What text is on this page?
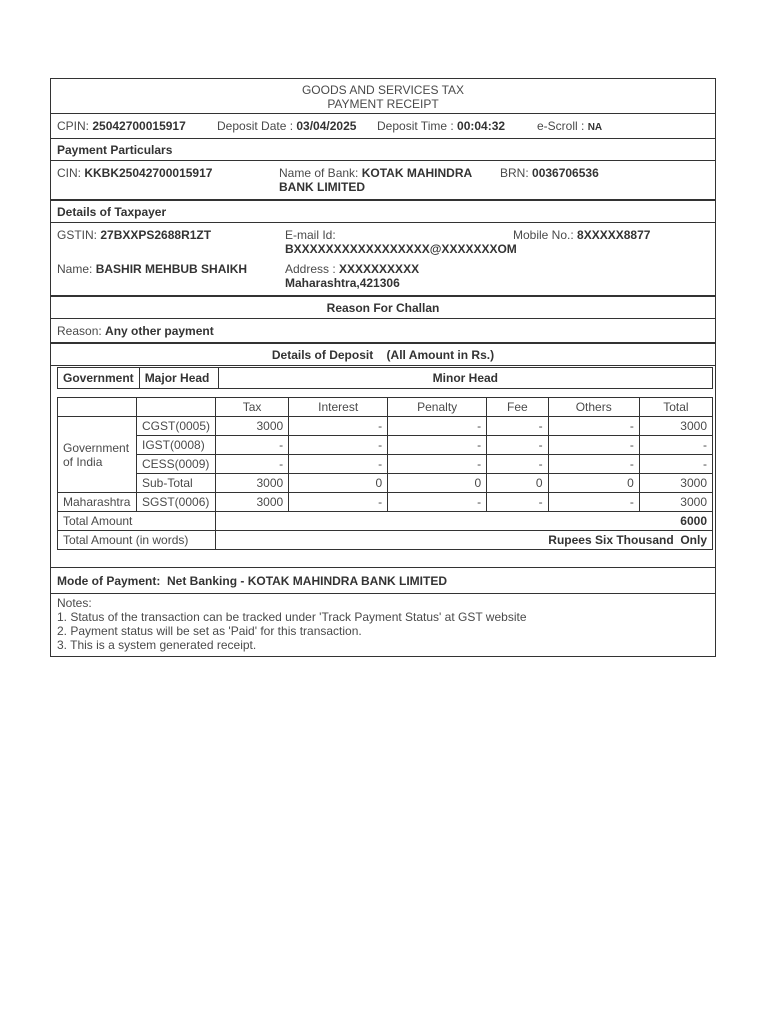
GOODS AND SERVICES TAX
PAYMENT RECEIPT
CPIN: 25042700015917	Deposit Date : 03/04/2025 Deposit Time : 00:04:32	e-Scroll : NA
Payment Particulars
CIN: KKBK25042700015917	Name of Bank: KOTAK MAHINDRA
BANK LIMITED
BRN: 0036706536
Details of Taxpayer
GSTIN: 27BXXPS2688R1ZT	E-mail Id:
BXXXXXXXXXXXXXXXXX@XXXXXXXOM
Mobile No.: 8XXXXX8877
Name: BASHIR MEHBUB SHAIKH	Address : XXXXXXXXXX
Maharashtra,421306
Reason For Challan
Reason: Any other payment
Details of Deposit    (All Amount in Rs.)
Government	Major Head	Minor Head
		Tax	Interest	Penalty	Fee	Others	Total
Government of India	CGST(0005)	3000	-	-	-	-	3000
	IGST(0008)	-	-	-	-	-	-
	CESS(0009)	-	-	-	-	-	-
	Sub-Total	3000	0	0	0	0	3000
Maharashtra	SGST(0006)	3000	-	-	-	-	3000
Total Amount		6000					
Total Amount (in words)		Rupees Six Thousand  Only					
Mode of Payment:  Net Banking - KOTAK MAHINDRA BANK LIMITED
Notes:
1. Status of the transaction can be tracked under 'Track Payment Status' at GST website
2. Payment status will be set as 'Paid' for this transaction.
3. This is a system generated receipt.
